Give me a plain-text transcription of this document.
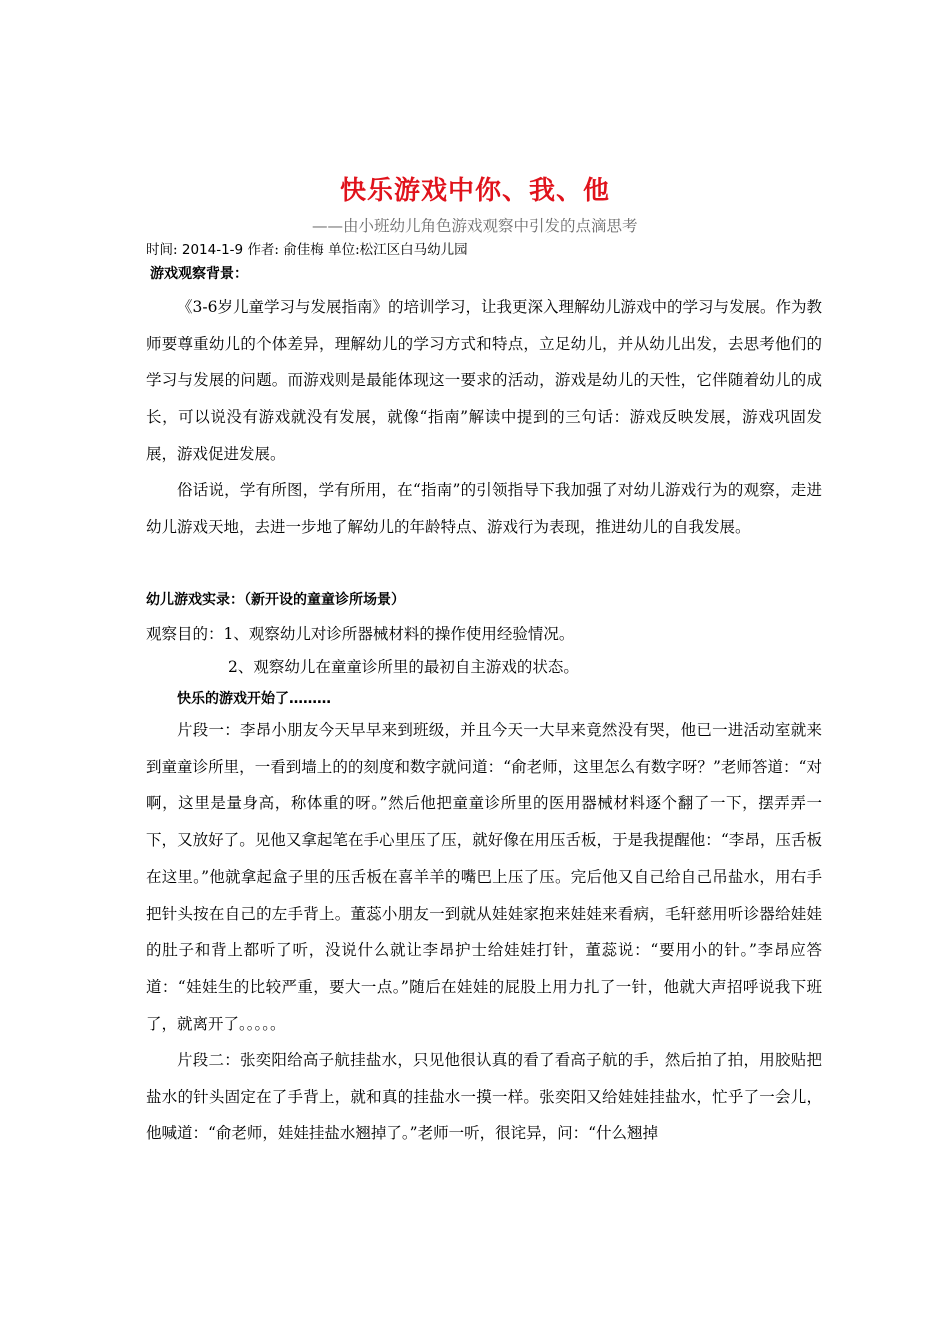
快乐游戏中你、我、他
——由小班幼儿角色游戏观察中引发的点滴思考
时间: 2014-1-9 作者: 俞佳梅 单位:松江区白马幼儿园
游戏观察背景：
《3-6岁儿童学习与发展指南》的培训学习，让我更深入理解幼儿游戏中的学习与发展。作为教师要尊重幼儿的个体差异，理解幼儿的学习方式和特点，立足幼儿，并从幼儿出发，去思考他们的学习与发展的问题。而游戏则是最能体现这一要求的活动，游戏是幼儿的天性，它伴随着幼儿的成长，可以说没有游戏就没有发展，就像“指南”解读中提到的三句话：游戏反映发展，游戏巩固发展，游戏促进发展。
俗话说，学有所图，学有所用，在“指南”的引领指导下我加强了对幼儿游戏行为的观察，走进幼儿游戏天地，去进一步地了解幼儿的年龄特点、游戏行为表现，推进幼儿的自我发展。
幼儿游戏实录：（新开设的童童诊所场景）
观察目的：1、观察幼儿对诊所器械材料的操作使用经验情况。
2、观察幼儿在童童诊所里的最初自主游戏的状态。
快乐的游戏开始了………
片段一：李昂小朋友今天早早来到班级，并且今天一大早来竟然没有哭，他已一进活动室就来到童童诊所里，一看到墙上的的刻度和数字就问道：“俞老师，这里怎么有数字呀？”老师答道：“对啊，这里是量身高，称体重的呀。”然后他把童童诊所里的医用器械材料逐个翻了一下，摆弄弄一下，又放好了。见他又拿起笔在手心里压了压，就好像在用压舌板，于是我提醒他：“李昂，压舌板在这里。”他就拿起盒子里的压舌板在喜羊羊的嘴巴上压了压。完后他又自己给自己吊盐水，用右手把针头按在自己的左手背上。董蕊小朋友一到就从娃娃家抱来娃娃来看病，毛轩慈用听诊器给娃娃的肚子和背上都听了听，没说什么就让李昂护士给娃娃打针，董蕊说：“要用小的针。”李昂应答道：“娃娃生的比较严重，要大一点。”随后在娃娃的屁股上用力扎了一针，他就大声招呼说我下班了，就离开了。。。。。
片段二：张奕阳给高子航挂盐水，只见他很认真的看了看高子航的手，然后拍了拍，用胶贴把盐水的针头固定在了手背上，就和真的挂盐水一摸一样。张奕阳又给娃娃挂盐水，忙乎了一会儿，他喊道：“俞老师，娃娃挂盐水翘掉了。”老师一听，很诧异，问：“什么翘掉
